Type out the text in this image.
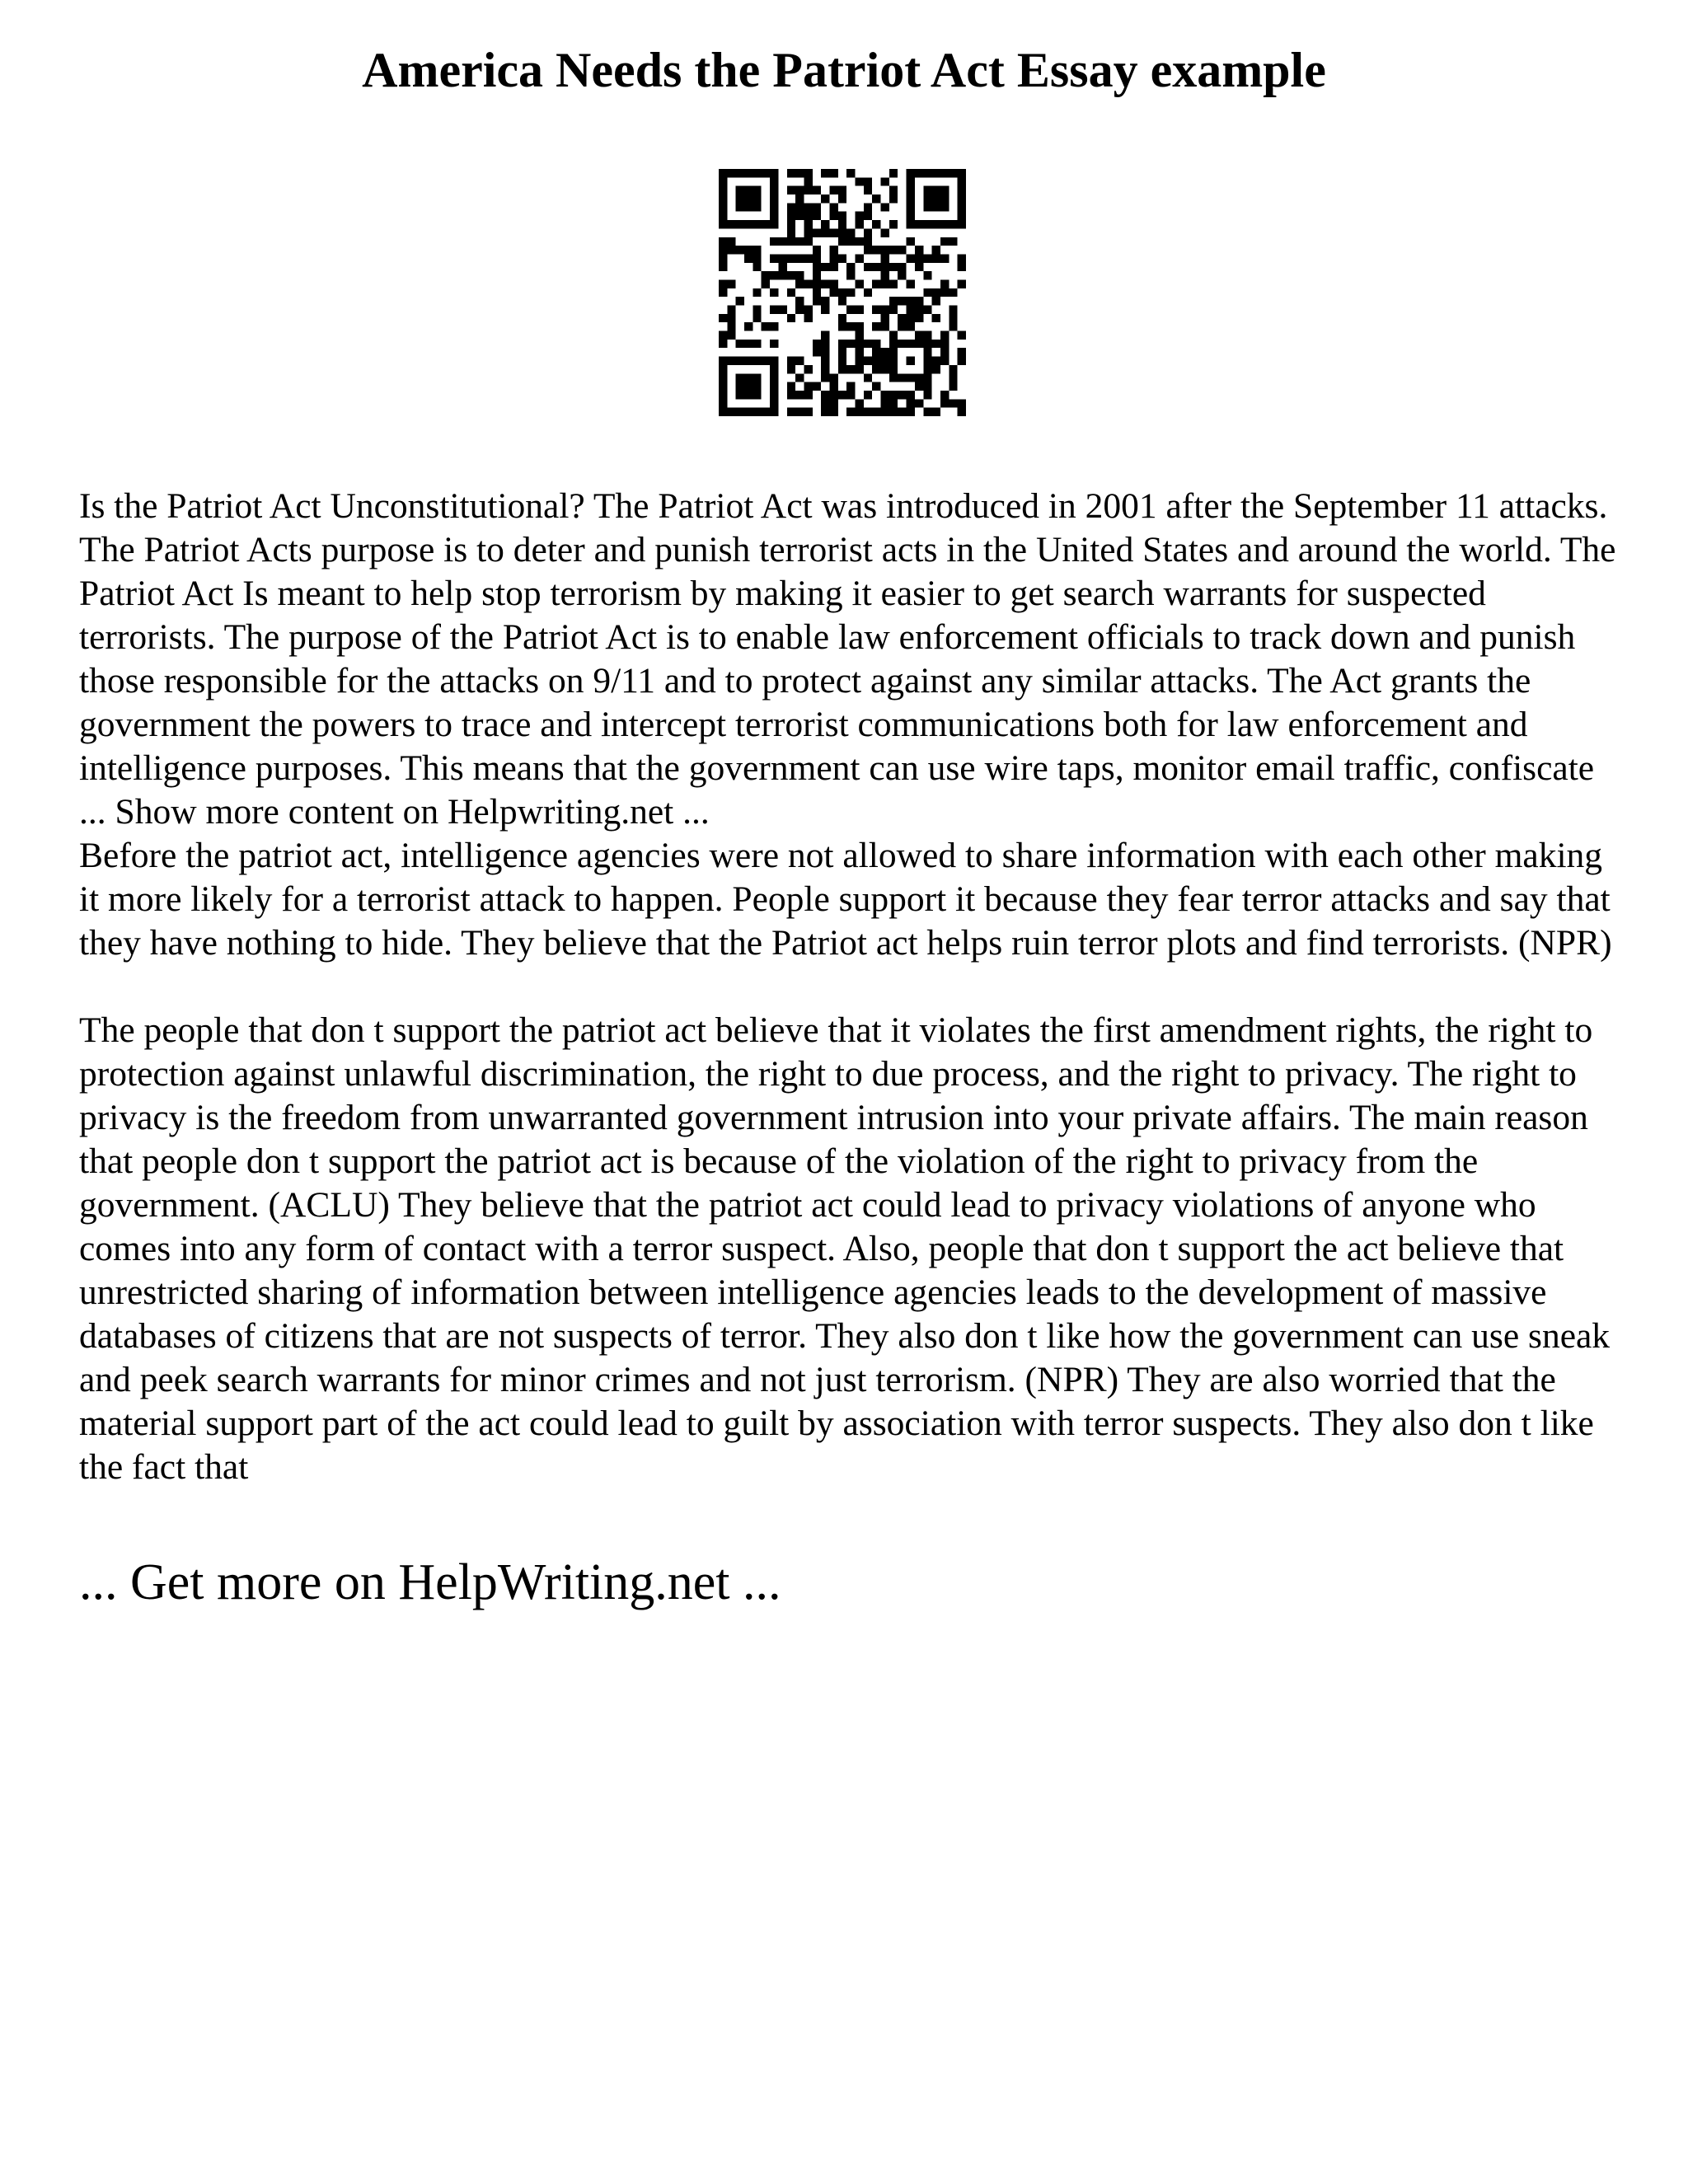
America Needs the Patriot Act Essay example

Is the Patriot Act Unconstitutional? The Patriot Act was introduced in 2001 after the September 11 attacks. The Patriot Acts purpose is to deter and punish terrorist acts in the United States and around the world. The Patriot Act Is meant to help stop terrorism by making it easier to get search warrants for suspected terrorists. The purpose of the Patriot Act is to enable law enforcement officials to track down and punish those responsible for the attacks on 9/11 and to protect against any similar attacks. The Act grants the government the powers to trace and intercept terrorist communications both for law enforcement and intelligence purposes. This means that the government can use wire taps, monitor email traffic, confiscate ... Show more content on Helpwriting.net ...

Before the patriot act, intelligence agencies were not allowed to share information with each other making it more likely for a terrorist attack to happen. People support it because they fear terror attacks and say that they have nothing to hide. They believe that the Patriot act helps ruin terror plots and find terrorists. (NPR)

The people that don t support the patriot act believe that it violates the first amendment rights, the right to protection against unlawful discrimination, the right to due process, and the right to privacy. The right to privacy is the freedom from unwarranted government intrusion into your private affairs. The main reason that people don t support the patriot act is because of the violation of the right to privacy from the government. (ACLU) They believe that the patriot act could lead to privacy violations of anyone who comes into any form of contact with a terror suspect. Also, people that don t support the act believe that unrestricted sharing of information between intelligence agencies leads to the development of massive databases of citizens that are not suspects of terror. They also don t like how the government can use sneak and peek search warrants for minor crimes and not just terrorism. (NPR) They are also worried that the material support part of the act could lead to guilt by association with terror suspects. They also don t like the fact that

... Get more on HelpWriting.net ...
